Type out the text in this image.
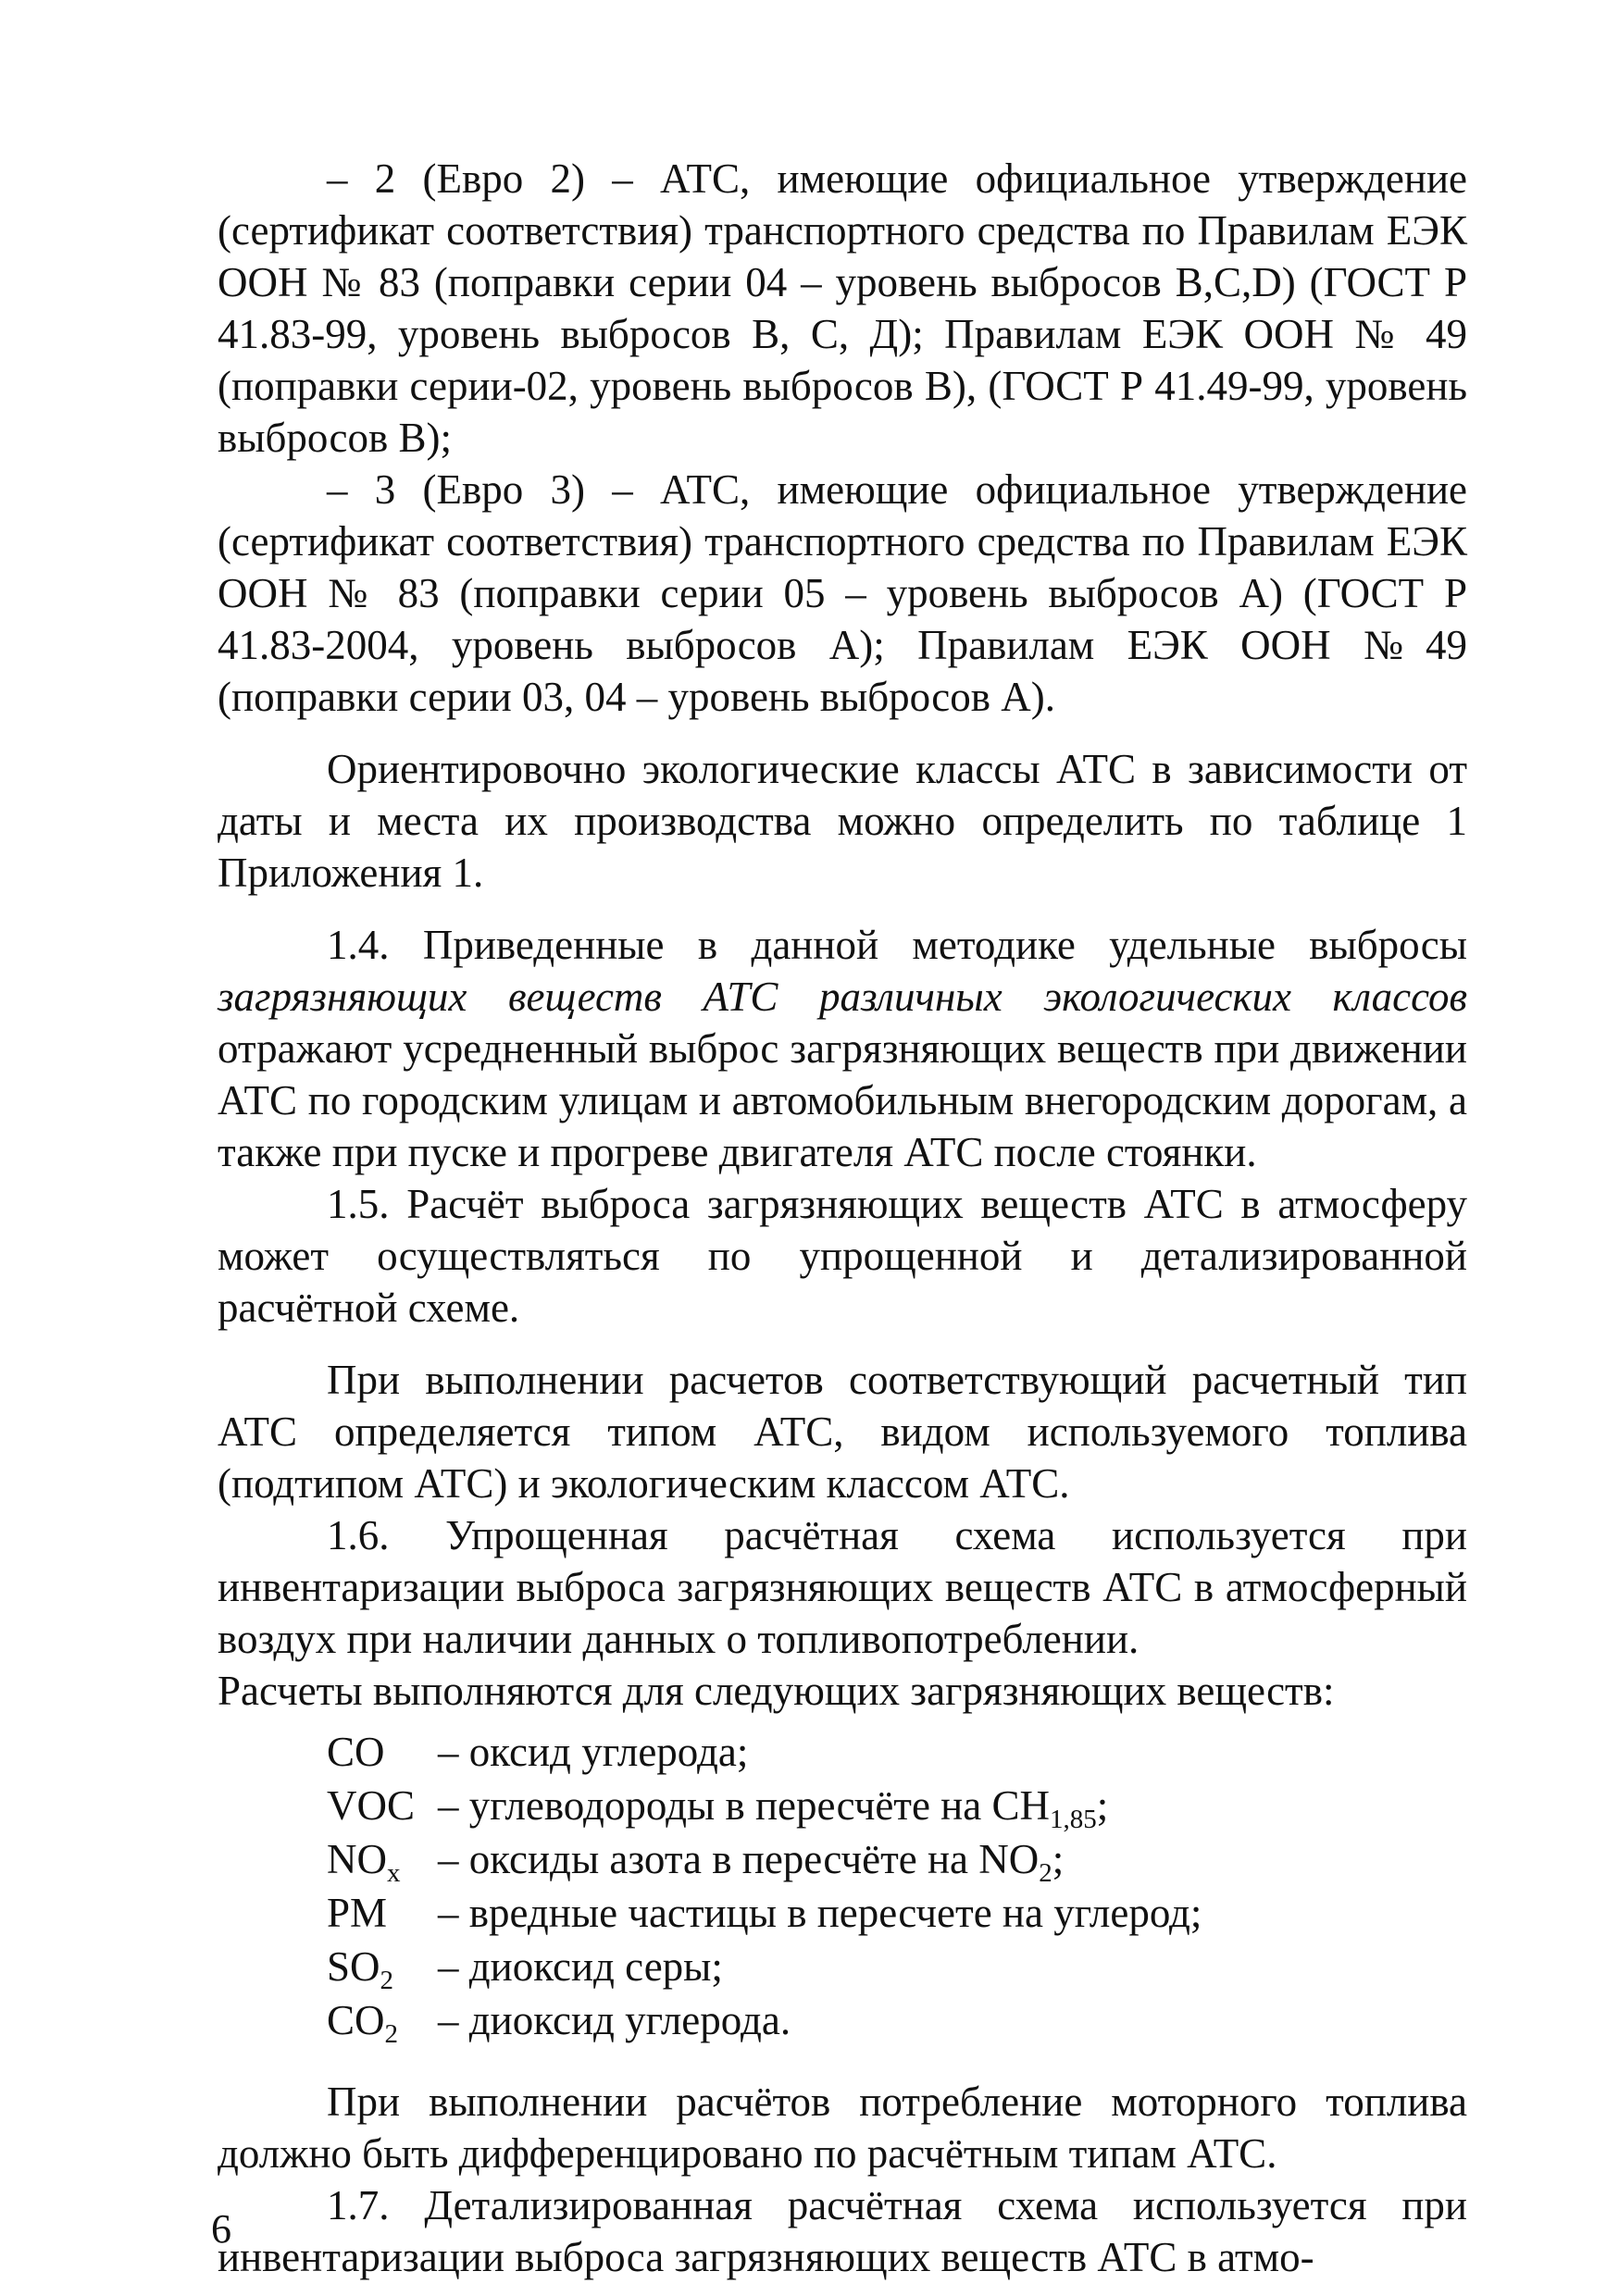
– 2 (Евро 2) – АТС, имеющие официальное утверждение (сертификат соответствия) транспортного средства по Правилам ЕЭК ООН № 83 (поправки серии 04 – уровень выбросов B,C,D) (ГОСТ Р 41.83-99, уровень выбросов В, С, Д); Правилам ЕЭК ООН № 49 (поправки серии-02, уровень выбросов B), (ГОСТ Р 41.49-99, уровень выбросов В);

– 3 (Евро 3) – АТС, имеющие официальное утверждение (сертификат соответствия) транспортного средства по Правилам ЕЭК ООН № 83 (поправки серии 05 – уровень выбросов А) (ГОСТ Р 41.83-2004, уровень выбросов А); Правилам ЕЭК ООН №49 (поправки серии 03, 04 – уровень выбросов А).

Ориентировочно экологические классы АТС в зависимости от даты и места их производства можно определить по таблице 1 Приложения 1.

1.4. Приведенные в данной методике удельные выбросы загрязняющих веществ АТС различных экологических классов отражают усредненный выброс загрязняющих веществ при движении АТС по городским улицам и автомобильным внегородским дорогам, а также при пуске и прогреве двигателя АТС после стоянки.

1.5. Расчёт выброса загрязняющих веществ АТС в атмосферу может осуществляться по упрощенной и детализированной расчётной схеме.

При выполнении расчетов соответствующий расчетный тип АТС определяется типом АТС, видом используемого топлива (подтипом АТС) и экологическим классом АТС.

1.6. Упрощенная расчётная схема используется при инвентаризации выброса загрязняющих веществ АТС в атмосферный воздух при наличии данных о топливопотреблении.

Расчеты выполняются для следующих загрязняющих веществ:

CO	– оксид углерода;
VOC – углеводороды в пересчёте на $CH_{1,85}$;
$NO_x$ – оксиды азота в пересчёте на $NO_2$;
PM	– вредные частицы в пересчете на углерод;
$SO_2$	– диоксид серы;
$CO_2$ – диоксид углерода.

При выполнении расчётов потребление моторного топлива должно быть дифференцировано по расчётным типам АТС.

1.7. Детализированная расчётная схема используется при инвентаризации выброса загрязняющих веществ АТС в атмо-

6
